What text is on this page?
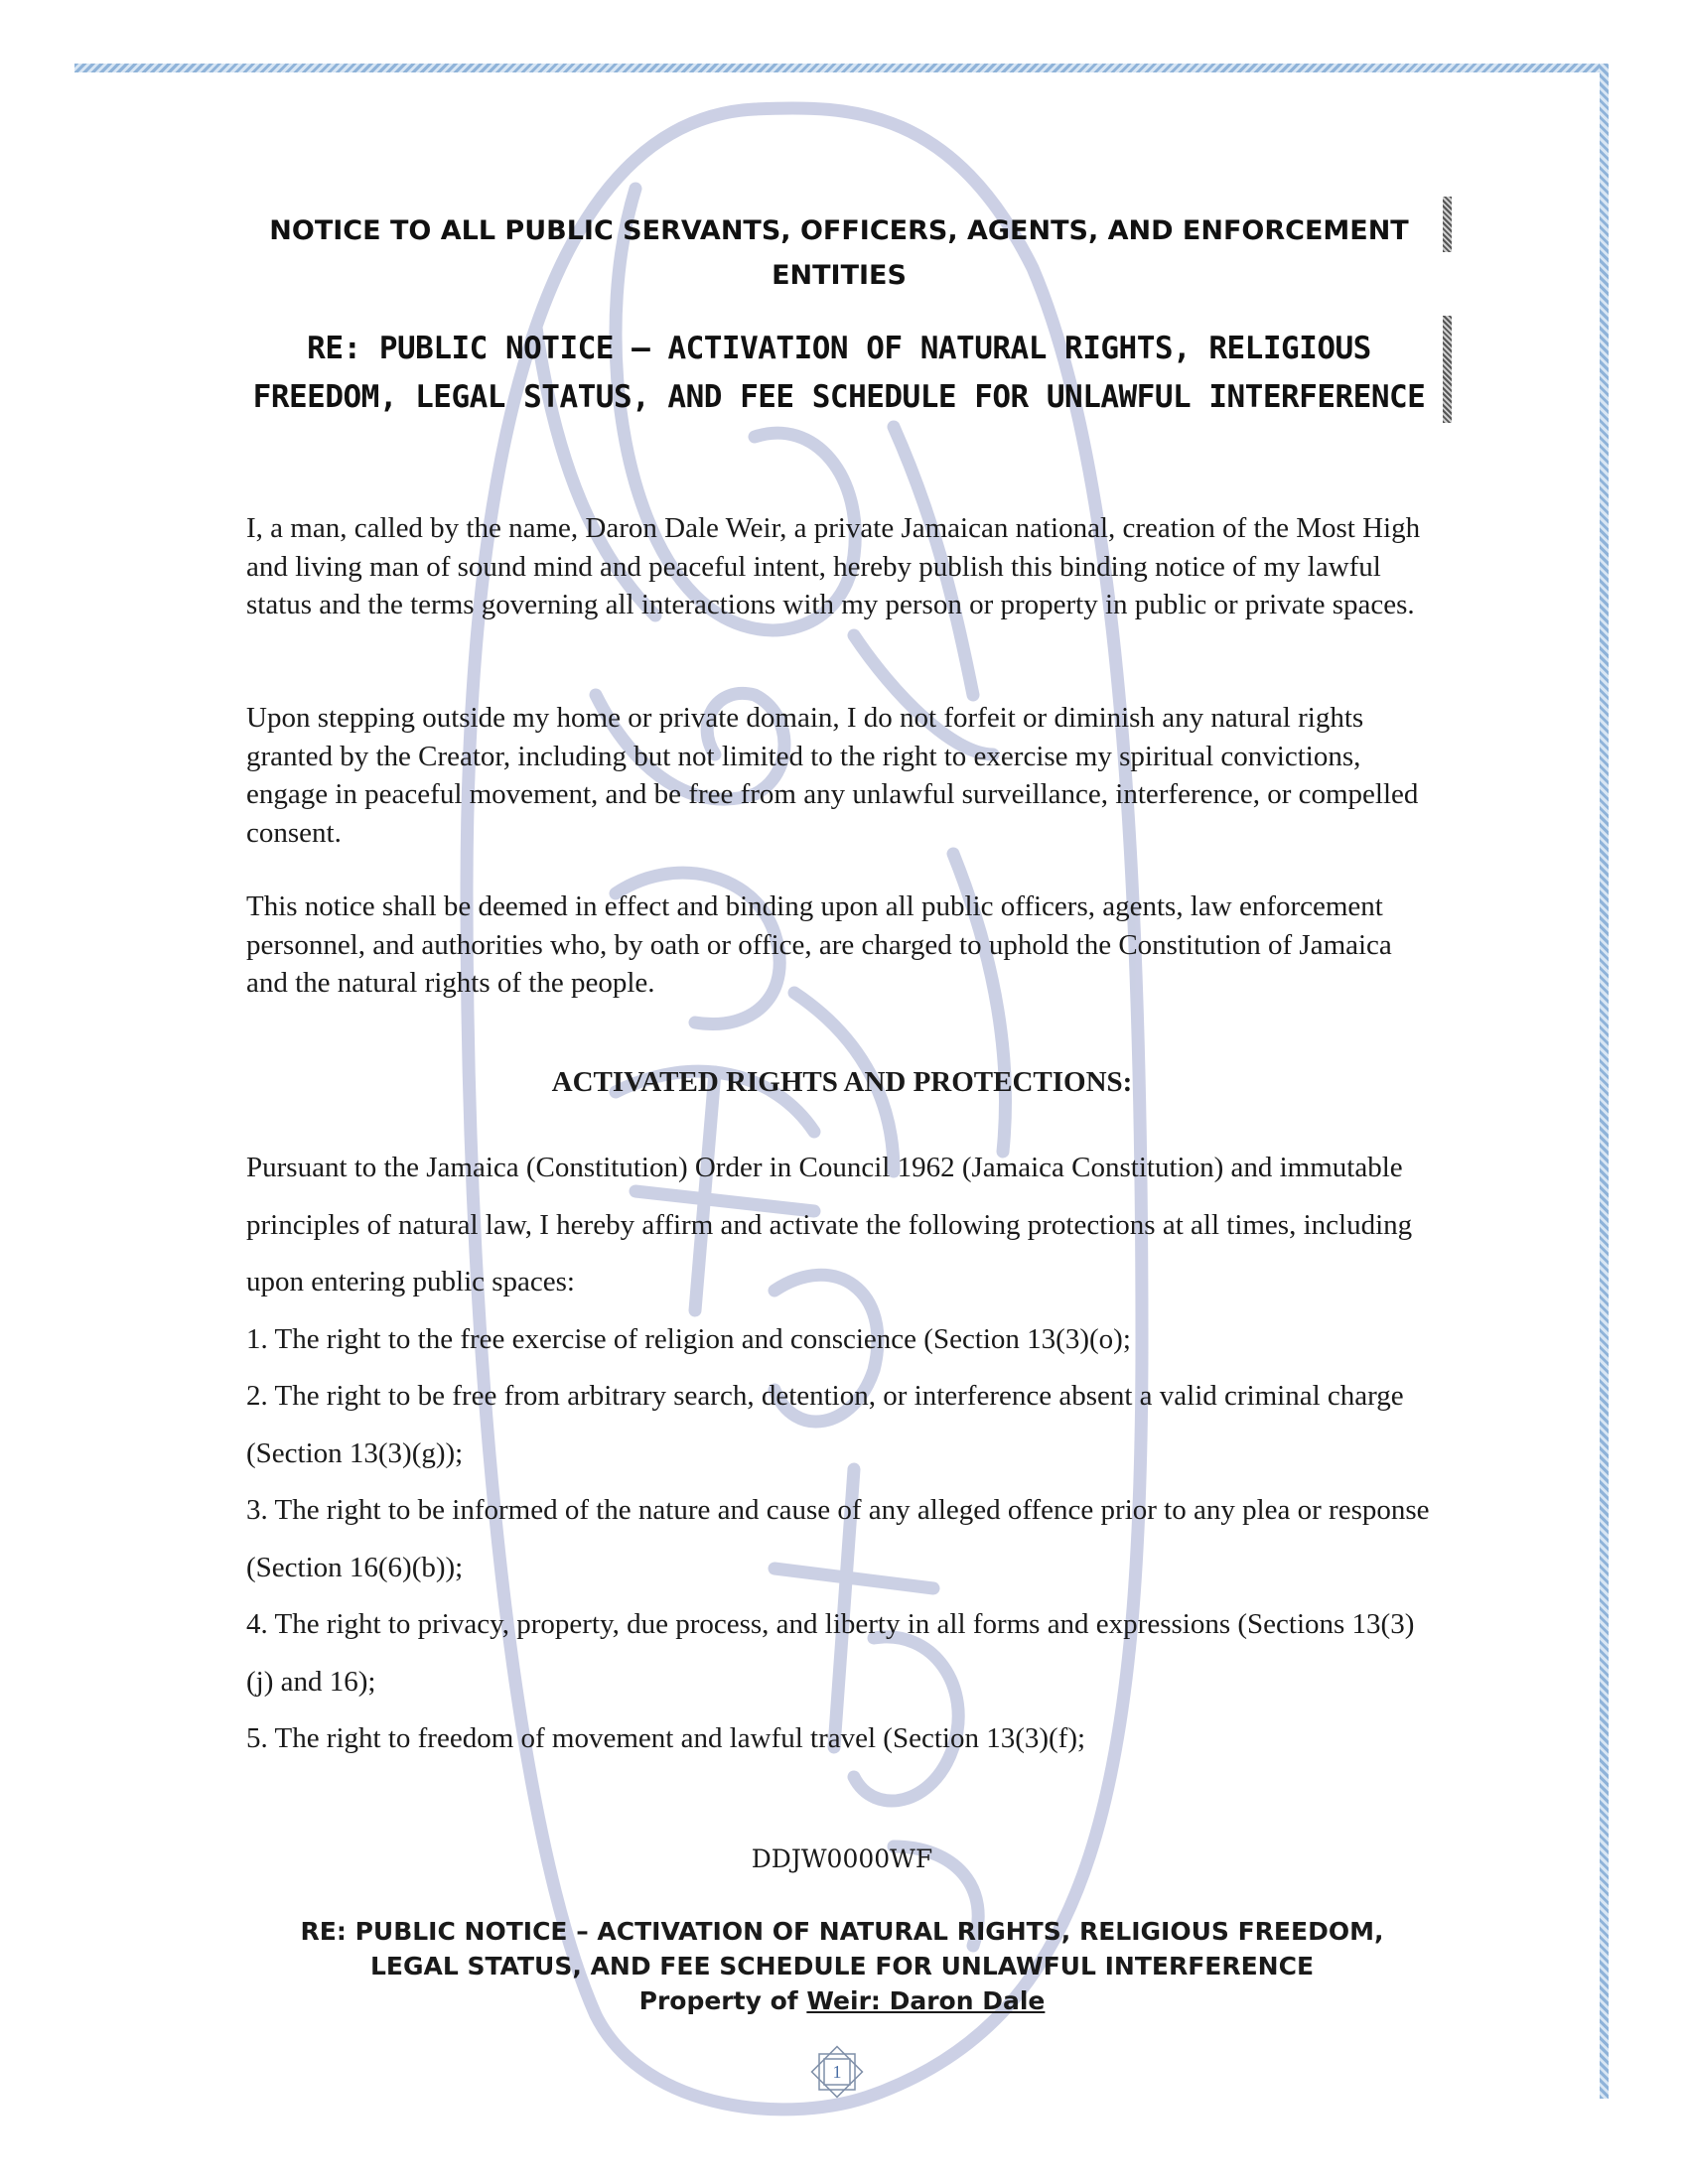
NOTICE TO ALL PUBLIC SERVANTS, OFFICERS, AGENTS, AND ENFORCEMENT ENTITIES
RE: PUBLIC NOTICE – ACTIVATION OF NATURAL RIGHTS, RELIGIOUS FREEDOM, LEGAL STATUS, AND FEE SCHEDULE FOR UNLAWFUL INTERFERENCE
I, a man, called by the name, Daron Dale Weir, a private Jamaican national, creation of the Most High and living man of sound mind and peaceful intent, hereby publish this binding notice of my lawful status and the terms governing all interactions with my person or property in public or private spaces.
Upon stepping outside my home or private domain, I do not forfeit or diminish any natural rights granted by the Creator, including but not limited to the right to exercise my spiritual convictions, engage in peaceful movement, and be free from any unlawful surveillance, interference, or compelled consent.
This notice shall be deemed in effect and binding upon all public officers, agents, law enforcement personnel, and authorities who, by oath or office, are charged to uphold the Constitution of Jamaica and the natural rights of the people.
ACTIVATED RIGHTS AND PROTECTIONS:

Pursuant to the Jamaica (Constitution) Order in Council 1962 (Jamaica Constitution) and immutable principles of natural law, I hereby affirm and activate the following protections at all times, including upon entering public spaces:

1. The right to the free exercise of religion and conscience (Section 13(3)(o);

2. The right to be free from arbitrary search, detention, or interference absent a valid criminal charge (Section 13(3)(g));

3. The right to be informed of the nature and cause of any alleged offence prior to any plea or response (Section 16(6)(b));

4. The right to privacy, property, due process, and liberty in all forms and expressions (Sections 13(3)(j) and 16);

5. The right to freedom of movement and lawful travel (Section 13(3)(f);

DDJW0000WF
RE: PUBLIC NOTICE – ACTIVATION OF NATURAL RIGHTS, RELIGIOUS FREEDOM,
LEGAL STATUS, AND FEE SCHEDULE FOR UNLAWFUL INTERFERENCE
Property of Weir: Daron Dale
1
